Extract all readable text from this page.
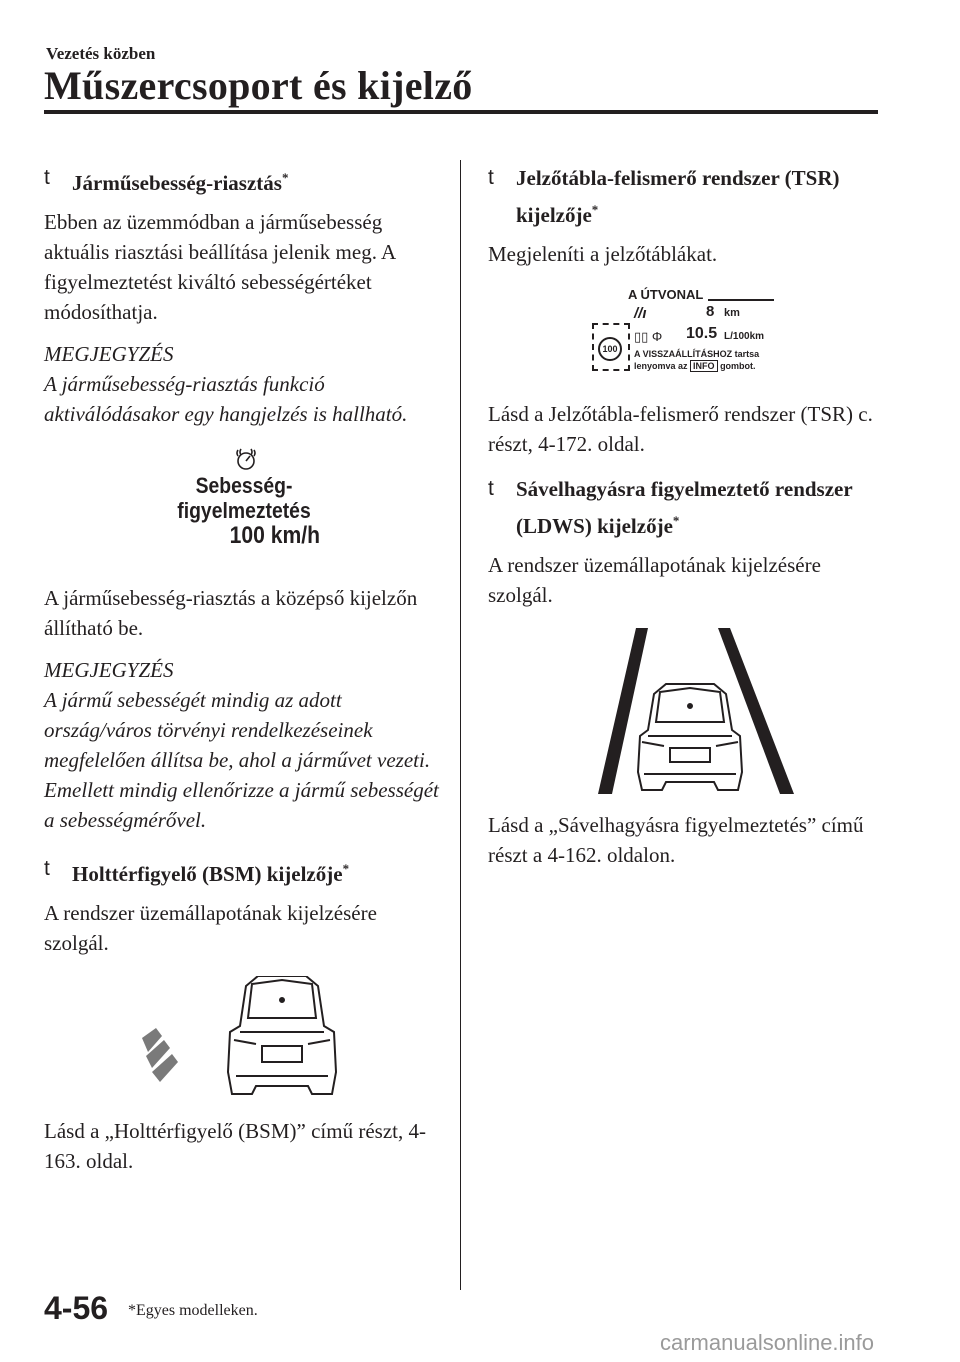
Vezetés közben
Műszercsoport és kijelző
t Járműsebesség-riasztás*

Ebben az üzemmódban a járműsebesség aktuális riasztási beállítása jelenik meg. A figyelmeztetést kiváltó sebességértéket módosíthatja.

MEGJEGYZÉS

A járműsebesség-riasztás funkció aktiválódásakor egy hangjelzés is hallható.

Sebesség-
figyelmeztetés
100 km/h

A járműsebesség-riasztás a középső kijelzőn állítható be.

MEGJEGYZÉS

A jármű sebességét mindig az adott ország/város törvényi rendelkezéseinek megfelelően állítsa be, ahol a járművet vezeti. Emellett mindig ellenőrizze a jármű sebességét a sebességmérővel.

t Holttérfigyelő (BSM) kijelzője*

A rendszer üzemállapotának kijelzésére szolgál.

Lásd a „Holttérfigyelő (BSM)” című részt, 4-163. oldal.

t Jelzőtábla-felismerő rendszer (TSR) kijelzője*

Megjeleníti a jelzőtáblákat.

A ÚTVONAL
//ı	8 km
100
▯▯ Φ 10.5 L/100km
A VISSZAÁLLÍTÁSHOZ tartsa
lenyomva az INFO gombot.

Lásd a Jelzőtábla-felismerő rendszer (TSR) c. részt, 4-172. oldal.

t Sávelhagyásra figyelmeztető rendszer (LDWS) kijelzője*

A rendszer üzemállapotának kijelzésére szolgál.

Lásd a „Sávelhagyásra figyelmeztetés” című részt a 4-162. oldalon.

4-56 *Egyes modelleken.
carmanualsonline.info
